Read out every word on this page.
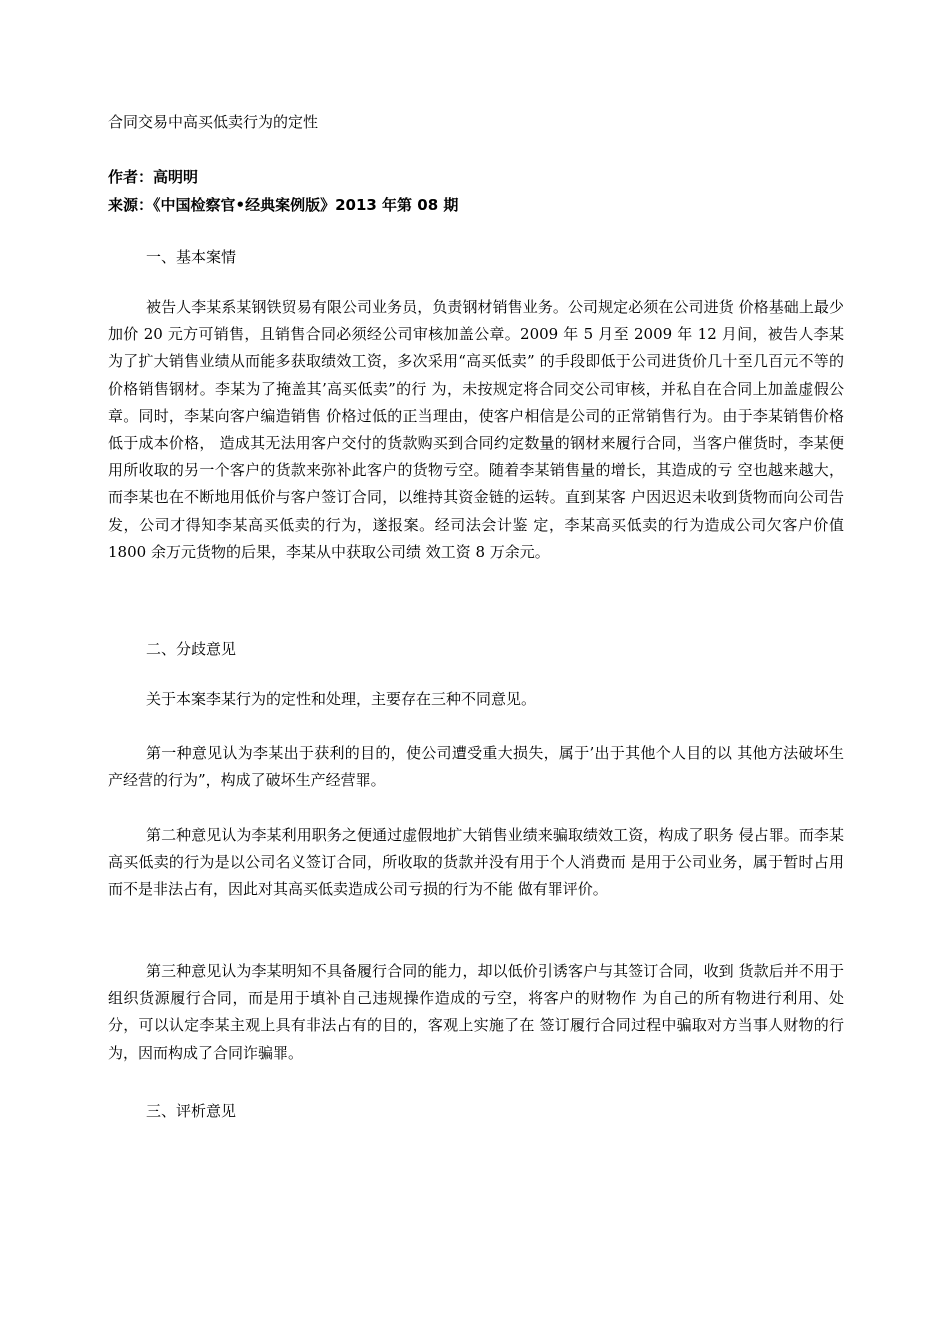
合同交易中高买低卖行为的定性
作者：高明明
来源：《中国检察官•经典案例版》2013 年第 08 期
一、基本案情

被告人李某系某钢铁贸易有限公司业务员，负责钢材销售业务。公司规定必须在公司进货 价格基础上最少加价 20 元方可销售，且销售合同必须经公司审核加盖公章。2009 年 5 月至 2009 年 12 月间，被告人李某为了扩大销售业绩从而能多获取绩效工资，多次采用“高买低卖” 的手段即低于公司进货价几十至几百元不等的价格销售钢材。李某为了掩盖其’高买低卖”的行 为，未按规定将合同交公司审核，并私自在合同上加盖虚假公章。同时，李某向客户编造销售 价格过低的正当理由，使客户相信是公司的正常销售行为。由于李某销售价格低于成本价格， 造成其无法用客户交付的货款购买到合同约定数量的钢材来履行合同，当客户催货时，李某便 用所收取的另一个客户的货款来弥补此客户的货物亏空。随着李某销售量的增长，其造成的亏 空也越来越大，而李某也在不断地用低价与客户签订合同，以维持其资金链的运转。直到某客 户因迟迟未收到货物而向公司告发，公司才得知李某高买低卖的行为，遂报案。经司法会计鉴 定，李某高买低卖的行为造成公司欠客户价值 1800 余万元货物的后果，李某从中获取公司绩 效工资 8 万余元。

二、分歧意见

关于本案李某行为的定性和处理，主要存在三种不同意见。

第一种意见认为李某出于获利的目的，使公司遭受重大损失，属于’出于其他个人目的以 其他方法破坏生产经营的行为”，构成了破坏生产经营罪。

第二种意见认为李某利用职务之便通过虚假地扩大销售业绩来骗取绩效工资，构成了职务 侵占罪。而李某高买低卖的行为是以公司名义签订合同，所收取的货款并没有用于个人消费而 是用于公司业务，属于暂时占用而不是非法占有，因此对其高买低卖造成公司亏损的行为不能 做有罪评价。

第三种意见认为李某明知不具备履行合同的能力，却以低价引诱客户与其签订合同，收到 货款后并不用于组织货源履行合同，而是用于填补自己违规操作造成的亏空，将客户的财物作 为自己的所有物进行利用、处分，可以认定李某主观上具有非法占有的目的，客观上实施了在 签订履行合同过程中骗取对方当事人财物的行为，因而构成了合同诈骗罪。

三、评析意见
